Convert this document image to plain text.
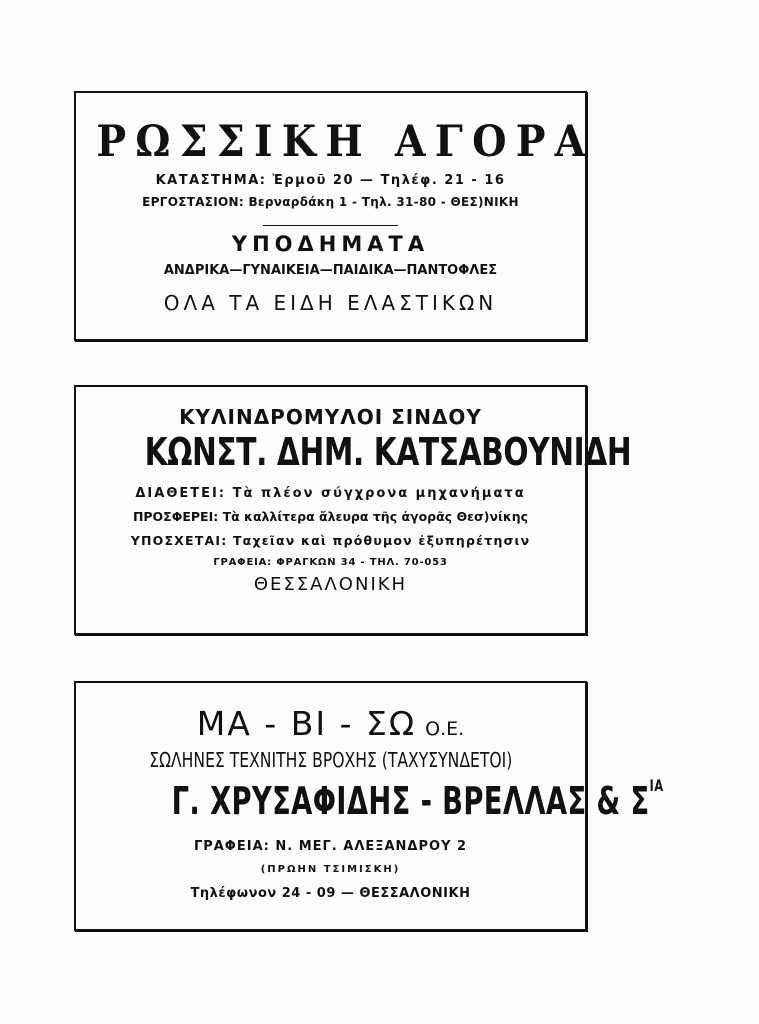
ΡΩΣΣΙΚΗ ΑΓΟΡΑ
ΚΑΤΑΣΤΗΜΑ: Ἑρμοῦ 20 — Τηλέφ. 21 - 16
ΕΡΓΟΣΤΑΣΙΟΝ: Βερναρδάκη 1 - Τηλ. 31-80 - ΘΕΣ)ΝΙΚΗ
ΥΠΟΔΗΜΑΤΑ
ΑΝΔΡΙΚΑ—ΓΥΝΑΙΚΕΙΑ—ΠΑΙΔΙΚΑ—ΠΑΝΤΟΦΛΕΣ
ΟΛΑ ΤΑ ΕΙΔΗ ΕΛΑΣΤΙΚΩΝ
ΚΥΛΙΝΔΡΟΜΥΛΟΙ ΣΙΝΔΟΥ
ΚΩΝΣΤ. ΔΗΜ. ΚΑΤΣΑΒΟΥΝΙΔΗ
ΔΙΑΘΕΤΕΙ: Τὰ πλέον σύγχρονα μηχανήματα
ΠΡΟΣΦΕΡΕΙ: Τὰ καλλίτερα ἄλευρα τῆς ἀγορᾶς Θεσ)νίκης
ΥΠΟΣΧΕΤΑΙ: Ταχεῖαν καὶ πρόθυμον ἐξυπηρέτησιν
ΓΡΑΦΕΙΑ: ΦΡΑΓΚΩΝ 34 - ΤΗΛ. 70-053
ΘΕΣΣΑΛΟΝΙΚΗ
ΜΑ - ΒΙ - ΣΩ Ο.Ε.
ΣΩΛΗΝΕΣ ΤΕΧΝΙΤΗΣ ΒΡΟΧΗΣ (ΤΑΧΥΣΥΝΔΕΤΟΙ)
Γ. ΧΡΥΣΑΦΙΔΗΣ - ΒΡΕΛΛΑΣ & $\Sigma^{IA}$
ΓΡΑΦΕΙΑ: Ν. ΜΕΓ. ΑΛΕΞΑΝΔΡΟΥ 2
(ΠΡΩΗΝ ΤΣΙΜΙΣΚΗ)
Τηλέφωνον 24 - 09 — ΘΕΣΣΑΛΟΝΙΚΗ
